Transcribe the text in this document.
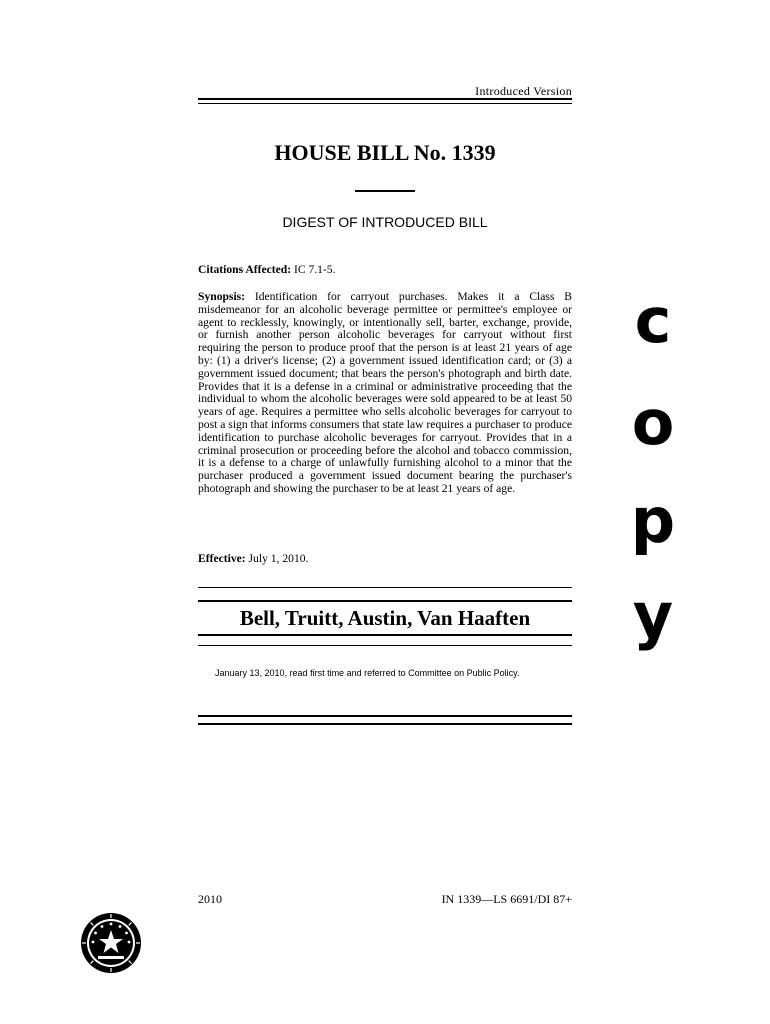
Introduced Version
HOUSE BILL No. 1339
DIGEST OF INTRODUCED BILL
Citations Affected: IC 7.1-5.
Synopsis: Identification for carryout purchases. Makes it a Class B misdemeanor for an alcoholic beverage permittee or permittee's employee or agent to recklessly, knowingly, or intentionally sell, barter, exchange, provide, or furnish another person alcoholic beverages for carryout without first requiring the person to produce proof that the person is at least 21 years of age by: (1) a driver's license; (2) a government issued identification card; or (3) a government issued document; that bears the person's photograph and birth date. Provides that it is a defense in a criminal or administrative proceeding that the individual to whom the alcoholic beverages were sold appeared to be at least 50 years of age. Requires a permittee who sells alcoholic beverages for carryout to post a sign that informs consumers that state law requires a purchaser to produce identification to purchase alcoholic beverages for carryout. Provides that in a criminal prosecution or proceeding before the alcohol and tobacco commission, it is a defense to a charge of unlawfully furnishing alcohol to a minor that the purchaser produced a government issued document bearing the purchaser's photograph and showing the purchaser to be at least 21 years of age.
Effective: July 1, 2010.
Bell, Truitt, Austin, Van Haaften
January 13, 2010, read first time and referred to Committee on Public Policy.
2010	IN 1339—LS 6691/DI 87+
c
o
p
y
